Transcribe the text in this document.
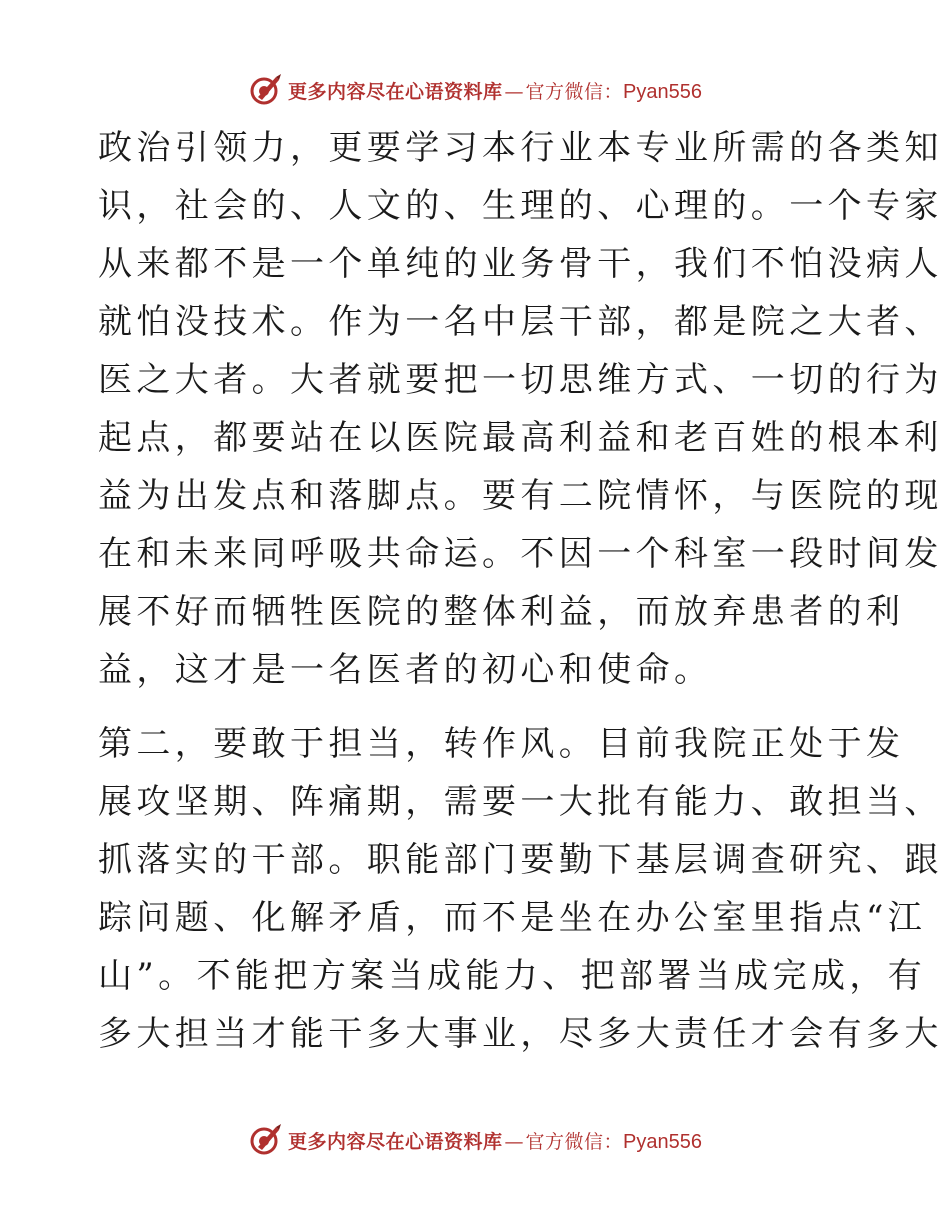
更多内容尽在心语资料库 — 官方微信： Pyan556
政治引领力，更要学习本行业本专业所需的各类知
识，社会的、人文的、生理的、心理的。一个专家
从来都不是一个单纯的业务骨干，我们不怕没病人
就怕没技术。作为一名中层干部，都是院之大者、
医之大者。大者就要把一切思维方式、一切的行为
起点，都要站在以医院最高利益和老百姓的根本利
益为出发点和落脚点。要有二院情怀，与医院的现
在和未来同呼吸共命运。不因一个科室一段时间发
展不好而牺牲医院的整体利益，而放弃患者的利
益，这才是一名医者的初心和使命。
第二，要敢于担当，转作风。目前我院正处于发
展攻坚期、阵痛期，需要一大批有能力、敢担当、
抓落实的干部。职能部门要勤下基层调查研究、跟
踪问题、化解矛盾，而不是坐在办公室里指点“江
山”。不能把方案当成能力、把部署当成完成，有
多大担当才能干多大事业，尽多大责任才会有多大
更多内容尽在心语资料库 — 官方微信： Pyan556
